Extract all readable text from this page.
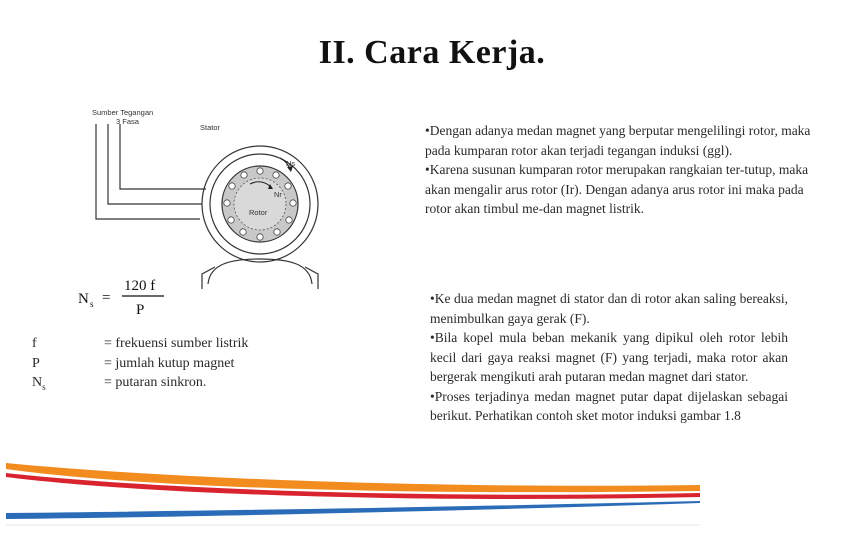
II. Cara Kerja.
Sumber Tegangan
3 Fasa
Stator
Ns
Nr
Rotor
N s =
120 f
P
f
P
$N_s$
= frekuensi sumber listrik
= jumlah kutup magnet
= putaran sinkron.

•Dengan adanya medan magnet yang berputar mengelilingi rotor, maka pada kumparan rotor akan terjadi tegangan induksi (ggl).
•Karena susunan kumparan rotor merupakan rangkaian ter-tutup, maka akan mengalir arus rotor (Ir). Dengan adanya arus rotor ini maka pada rotor akan timbul me-dan magnet listrik.

•Ke dua medan magnet di stator dan di rotor akan saling bereaksi, menimbulkan gaya gerak (F).
•Bila kopel mula beban mekanik yang dipikul oleh rotor lebih kecil dari gaya reaksi magnet (F) yang terjadi, maka rotor akan bergerak mengikuti arah putaran medan magnet dari stator.
•Proses terjadinya medan magnet putar dapat dijelaskan sebagai berikut. Perhatikan contoh sket motor induksi gambar 1.8
